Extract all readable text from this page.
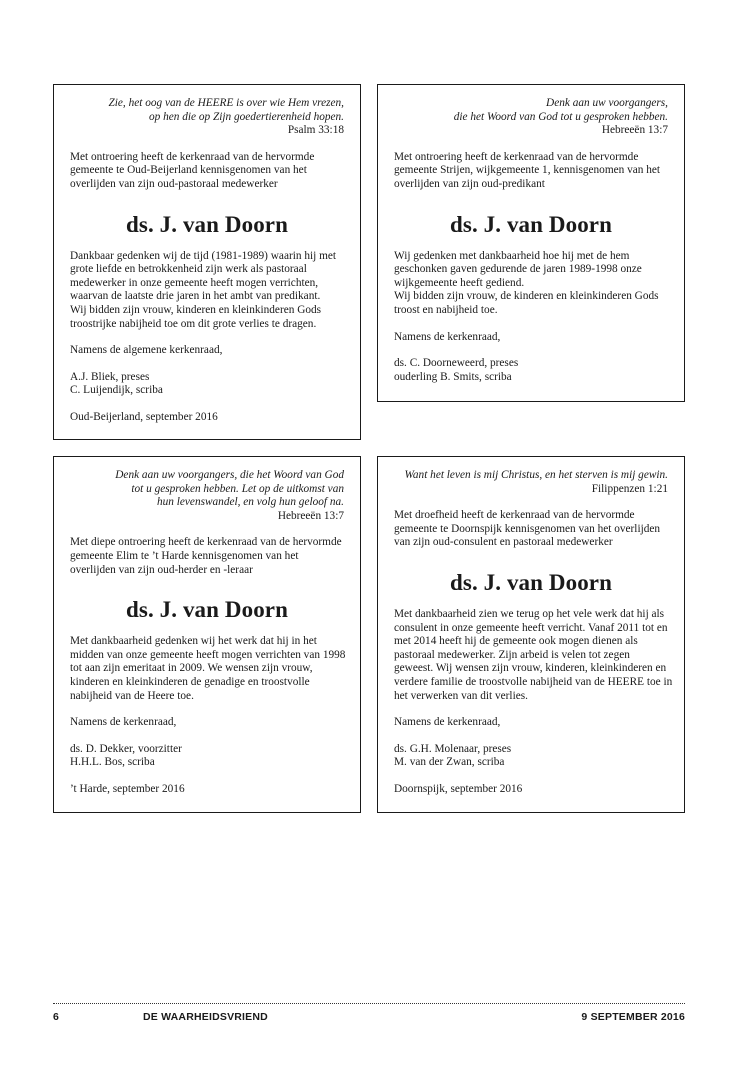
Zie, het oog van de HEERE is over wie Hem vrezen,
op hen die op Zijn goedertierenheid hopen.
Psalm 33:18
Met ontroering heeft de kerkenraad van de hervormde
gemeente te Oud-Beijerland kennisgenomen van het
overlijden van zijn oud-pastoraal medewerker
ds. J. van Doorn
Dankbaar gedenken wij de tijd (1981-1989) waarin hij met
grote liefde en betrokkenheid zijn werk als pastoraal
medewerker in onze gemeente heeft mogen verrichten,
waarvan de laatste drie jaren in het ambt van predikant.
Wij bidden zijn vrouw, kinderen en kleinkinderen Gods
troostrijke nabijheid toe om dit grote verlies te dragen.
Namens de algemene kerkenraad,
A.J. Bliek, preses
C. Luijendijk, scriba
Oud-Beijerland, september 2016
Denk aan uw voorgangers,
die het Woord van God tot u gesproken hebben.
Hebreeën 13:7
Met ontroering heeft de kerkenraad van de hervormde
gemeente Strijen, wijkgemeente 1, kennisgenomen van het
overlijden van zijn oud-predikant
ds. J. van Doorn
Wij gedenken met dankbaarheid hoe hij met de hem
geschonken gaven gedurende de jaren 1989-1998 onze
wijkgemeente heeft gediend.
Wij bidden zijn vrouw, de kinderen en kleinkinderen Gods
troost en nabijheid toe.
Namens de kerkenraad,
ds. C. Doorneweerd, preses
ouderling B. Smits, scriba
Denk aan uw voorgangers, die het Woord van God
tot u gesproken hebben. Let op de uitkomst van
hun levenswandel, en volg hun geloof na.
Hebreeën 13:7
Met diepe ontroering heeft de kerkenraad van de hervormde
gemeente Elim te ’t Harde kennisgenomen van het
overlijden van zijn oud-herder en -leraar
ds. J. van Doorn
Met dankbaarheid gedenken wij het werk dat hij in het
midden van onze gemeente heeft mogen verrichten van 1998
tot aan zijn emeritaat in 2009. We wensen zijn vrouw,
kinderen en kleinkinderen de genadige en troostvolle
nabijheid van de Heere toe.
Namens de kerkenraad,
ds. D. Dekker, voorzitter
H.H.L. Bos, scriba
’t Harde, september 2016
Want het leven is mij Christus, en het sterven is mij gewin.
Filippenzen 1:21
Met droefheid heeft de kerkenraad van de hervormde
gemeente te Doornspijk kennisgenomen van het overlijden
van zijn oud-consulent en pastoraal medewerker
ds. J. van Doorn
Met dankbaarheid zien we terug op het vele werk dat hij als
consulent in onze gemeente heeft verricht. Vanaf 2011 tot en
met 2014 heeft hij de gemeente ook mogen dienen als
pastoraal medewerker. Zijn arbeid is velen tot zegen
geweest. Wij wensen zijn vrouw, kinderen, kleinkinderen en
verdere familie de troostvolle nabijheid van de HEERE toe in
het verwerken van dit verlies.
Namens de kerkenraad,
ds. G.H. Molenaar, preses
M. van der Zwan, scriba
Doornspijk, september 2016
6	DE WAARHEIDSVRIEND	9 SEPTEMBER 2016
